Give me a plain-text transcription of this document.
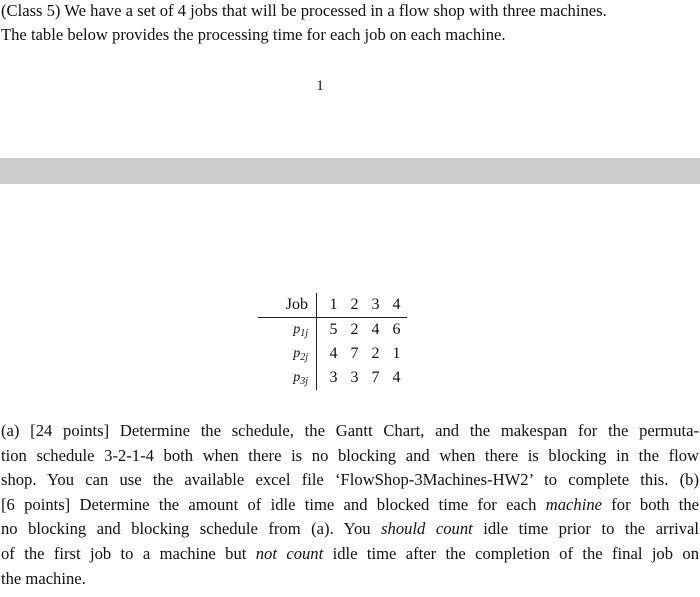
(Class 5) We have a set of 4 jobs that will be processed in a flow shop with three machines.
The table below provides the processing time for each job on each machine.
1
Job	1	2	3	4
$p_{1j}$	5	2	4	6
$p_{2j}$	4	7	2	1
$p_{3j}$	3	3	7	4
(a) [24 points] Determine the schedule, the Gantt Chart, and the makespan for the permuta-
tion schedule 3-2-1-4 both when there is no blocking and when there is blocking in the flow
shop. You can use the available excel file ‘FlowShop-3Machines-HW2’ to complete this. (b)
[6 points] Determine the amount of idle time and blocked time for each machine for both the
no blocking and blocking schedule from (a). You should count idle time prior to the arrival
of the first job to a machine but not count idle time after the completion of the final job on
the machine.
